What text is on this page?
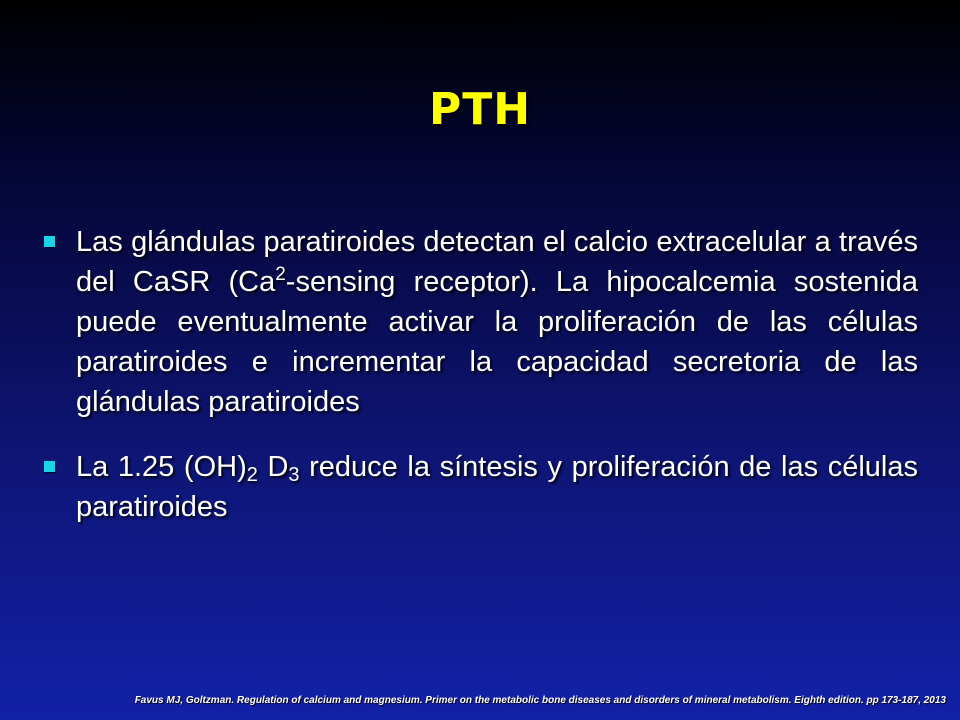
PTH
Las glándulas paratiroides detectan el calcio extracelular a través del CaSR (Ca$^2$-sensing receptor). La hipocalcemia sostenida puede eventualmente activar la proliferación de las células paratiroides e incrementar la capacidad secretoria de las glándulas paratiroides
La 1.25 $(OH)_2$ $D_3$ reduce la síntesis y proliferación de las células paratiroides
Favus MJ, Goltzman. Regulation of calcium and magnesium. Primer on the metabolic bone diseases and disorders of mineral metabolism. Eighth edition. pp 173-187, 2013
